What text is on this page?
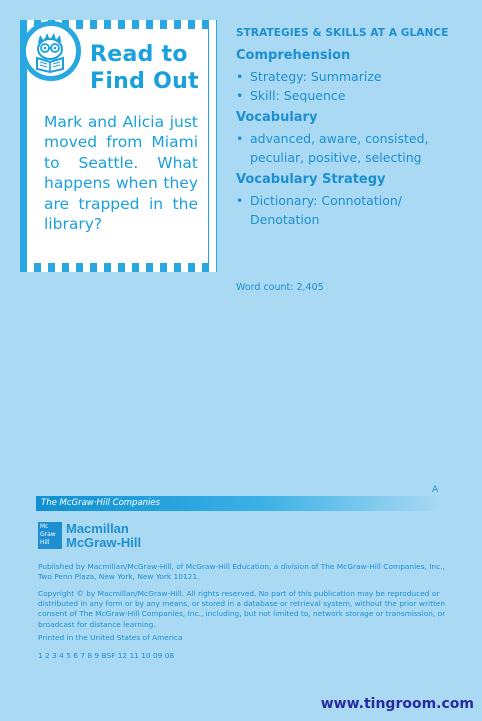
Read to
Find Out
Mark and Alicia just moved from Miami to Seattle. What happens when they are trapped in the library?
STRATEGIES & SKILLS AT A GLANCE
Comprehension
• Strategy: Summarize
• Skill: Sequence
Vocabulary
• advanced, aware, consisted, peculiar, positive, selecting
Vocabulary Strategy
• Dictionary: Connotation/ Denotation
Word count: 2,405
A
The McGraw·Hill Companies
Mc
Graw
Hill
Macmillan
McGraw-Hill

Published by Macmillan/McGraw-Hill, of McGraw-Hill Education, a division of The McGraw-Hill Companies, Inc., Two Penn Plaza, New York, New York 10121.

Copyright © by Macmillan/McGraw-Hill. All rights reserved. No part of this publication may be reproduced or distributed in any form or by any means, or stored in a database or retrieval system, without the prior written consent of The McGraw-Hill Companies, Inc., including, but not limited to, network storage or transmission, or broadcast for distance learning.

Printed in the United States of America

1 2 3 4 5 6 7 8 9 BSF 12 11 10 09 08

www.tingroom.com
